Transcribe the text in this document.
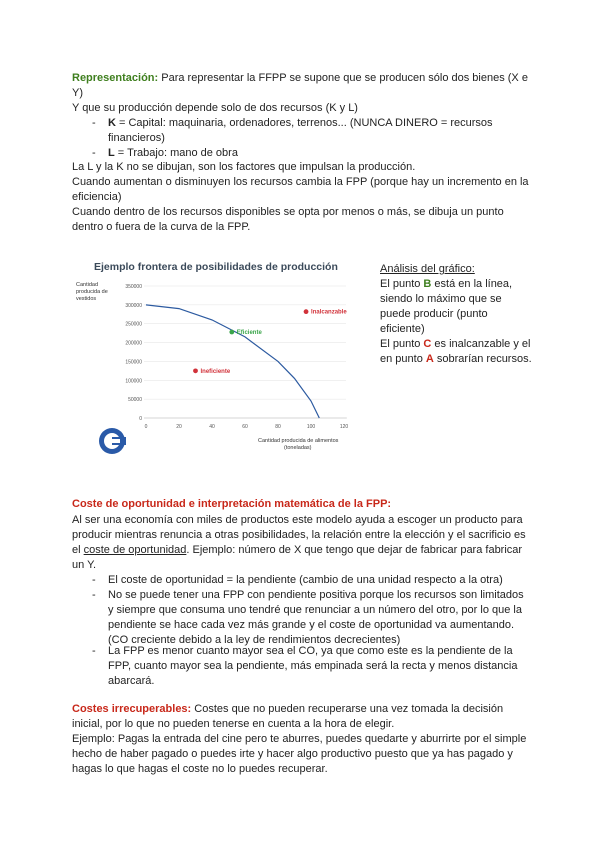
Representación: Para representar la FFPP se supone que se producen sólo dos bienes (X e Y)
Y que su producción depende solo de dos recursos (K y L)
- K = Capital: maquinaria, ordenadores, terrenos... (NUNCA DINERO = recursos financieros)
- L = Trabajo: mano de obra
La L y la K no se dibujan, son los factores que impulsan la producción.
Cuando aumentan o disminuyen los recursos cambia la FPP (porque hay un incremento en la eficiencia)
Cuando dentro de los recursos disponibles se opta por menos o más, se dibuja un punto dentro o fuera de la curva de la FPP.
Ejemplo frontera de posibilidades de producción
Cantidad producida de vestidos
350000
300000
250000
200000
150000
100000
50000
0
0	20	40	60	80	100	120
Eficiente
Inalcanzable
Ineficiente
Cantidad producida de alimentos (toneladas)
Análisis del gráfico:
El punto B está en la línea, siendo lo máximo que se puede producir (punto eficiente)
El punto C es inalcanzable y el en punto A sobrarían recursos.
Coste de oportunidad e interpretación matemática de la FPP:
Al ser una economía con miles de productos este modelo ayuda a escoger un producto para producir mientras renuncia a otras posibilidades, la relación entre la elección y el sacrificio es el coste de oportunidad. Ejemplo: número de X que tengo que dejar de fabricar para fabricar un Y.
- El coste de oportunidad = la pendiente (cambio de una unidad respecto a la otra)
- No se puede tener una FPP con pendiente positiva porque los recursos son limitados y siempre que consuma uno tendré que renunciar a un número del otro, por lo que la pendiente se hace cada vez más grande y el coste de oportunidad va aumentando. (CO creciente debido a la ley de rendimientos decrecientes)
- La FPP es menor cuanto mayor sea el CO, ya que como este es la pendiente de la FPP, cuanto mayor sea la pendiente, más empinada será la recta y menos distancia abarcará.
Costes irrecuperables: Costes que no pueden recuperarse una vez tomada la decisión inicial, por lo que no pueden tenerse en cuenta a la hora de elegir.
Ejemplo: Pagas la entrada del cine pero te aburres, puedes quedarte y aburrirte por el simple hecho de haber pagado o puedes irte y hacer algo productivo puesto que ya has pagado y hagas lo que hagas el coste no lo puedes recuperar.
